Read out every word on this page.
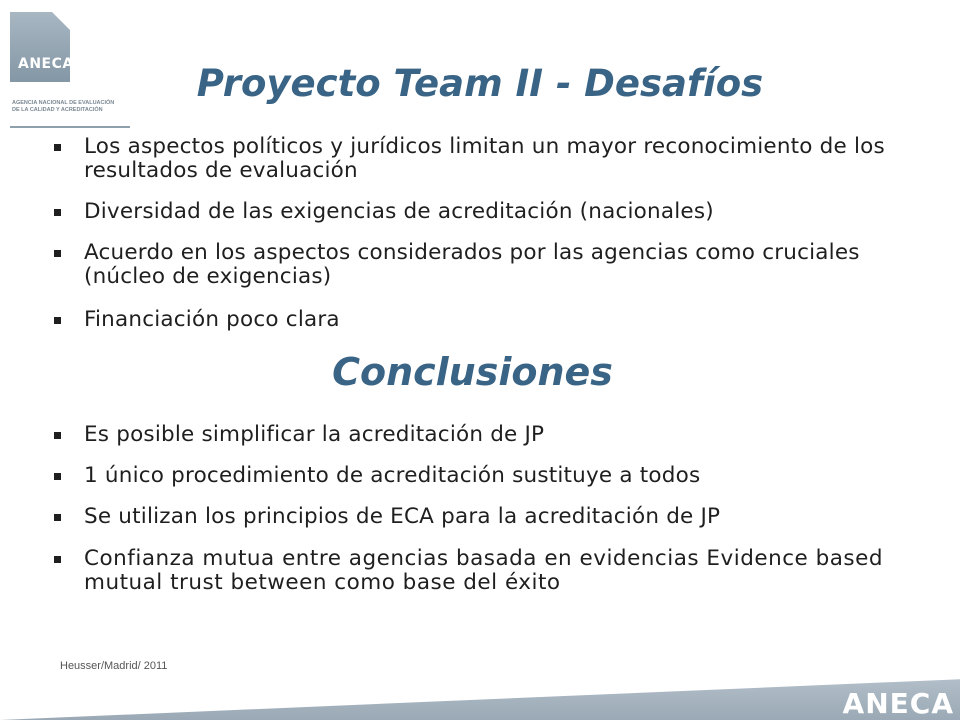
ANECA
AGENCIA NACIONAL DE EVALUACIÓN DE LA CALIDAD Y ACREDITACIÓN
Proyecto Team II - Desafíos
Los aspectos políticos y jurídicos limitan un mayor reconocimiento de los resultados de evaluación
Diversidad de las exigencias de acreditación (nacionales)
Acuerdo en los aspectos considerados por las agencias como cruciales (núcleo de exigencias)
Financiación poco clara
Conclusiones
Es posible simplificar la acreditación de JP
1 único procedimiento de acreditación sustituye a todos
Se utilizan los principios de ECA para la acreditación de JP
Confianza mutua entre agencias basada en evidencias Evidence based mutual trust between como base del éxito
Heusser/Madrid/ 2011
ANECA
